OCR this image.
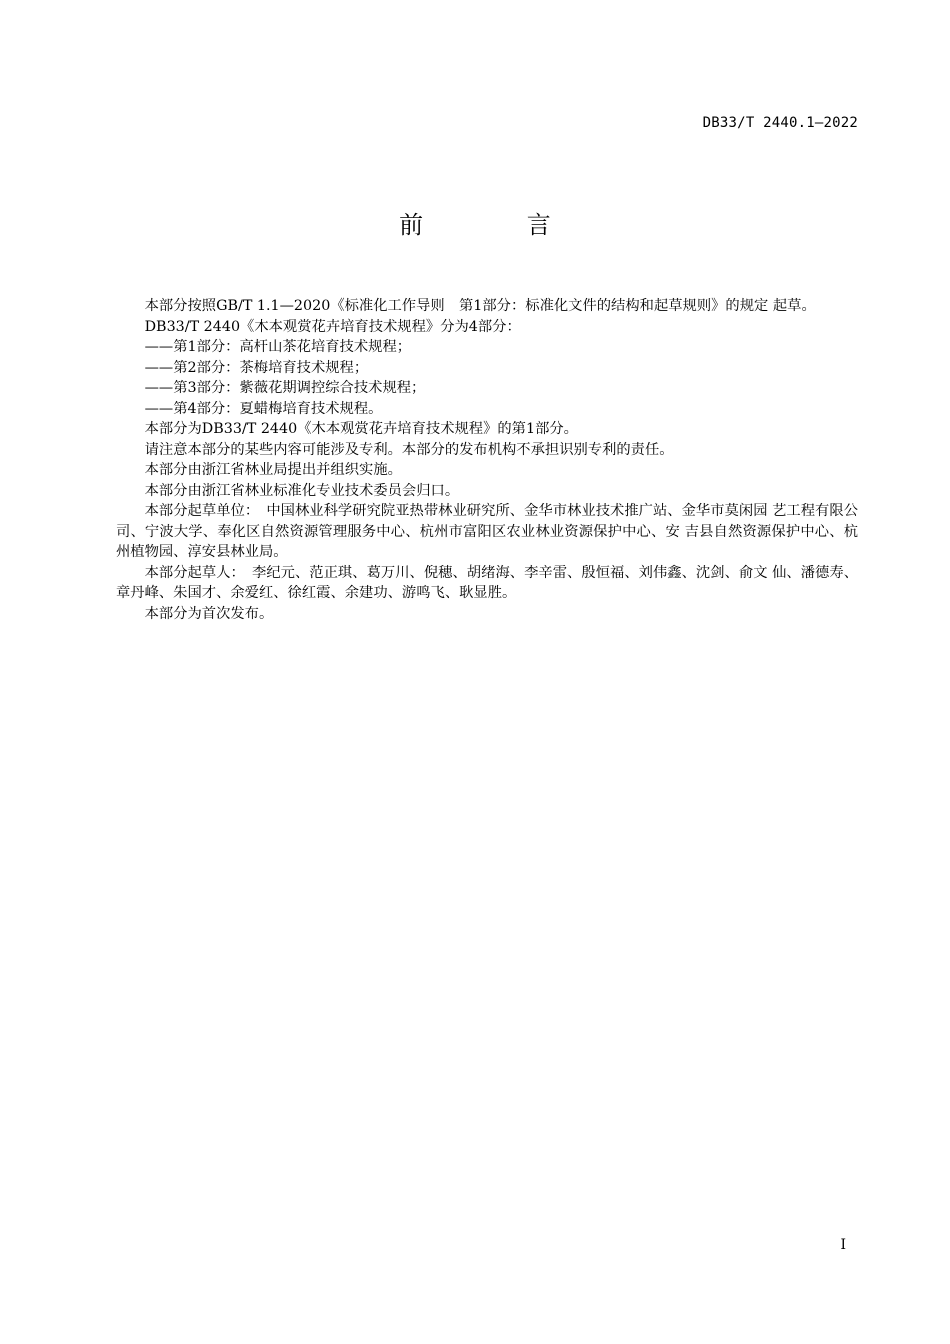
DB33/T 2440.1—2022
前 言

本部分按照GB/T 1.1—2020《标准化工作导则　第1部分：标准化文件的结构和起草规则》的规定 起草。

DB33/T 2440《木本观赏花卉培育技术规程》分为4部分：

——第1部分：高杆山茶花培育技术规程；

——第2部分：茶梅培育技术规程；

——第3部分：紫薇花期调控综合技术规程；

——第4部分：夏蜡梅培育技术规程。

本部分为DB33/T 2440《木本观赏花卉培育技术规程》的第1部分。

请注意本部分的某些内容可能涉及专利。本部分的发布机构不承担识别专利的责任。

本部分由浙江省林业局提出并组织实施。

本部分由浙江省林业标准化专业技术委员会归口。

本部分起草单位：　中国林业科学研究院亚热带林业研究所、金华市林业技术推广站、金华市莫闲园 艺工程有限公司、宁波大学、奉化区自然资源管理服务中心、杭州市富阳区农业林业资源保护中心、安 吉县自然资源保护中心、杭州植物园、淳安县林业局。

本部分起草人：　李纪元、范正琪、葛万川、倪穗、胡绪海、李辛雷、殷恒福、刘伟鑫、沈剑、俞文 仙、潘德寿、章丹峰、朱国才、余爱红、徐红霞、余建功、游鸣飞、耿显胜。

本部分为首次发布。

I
